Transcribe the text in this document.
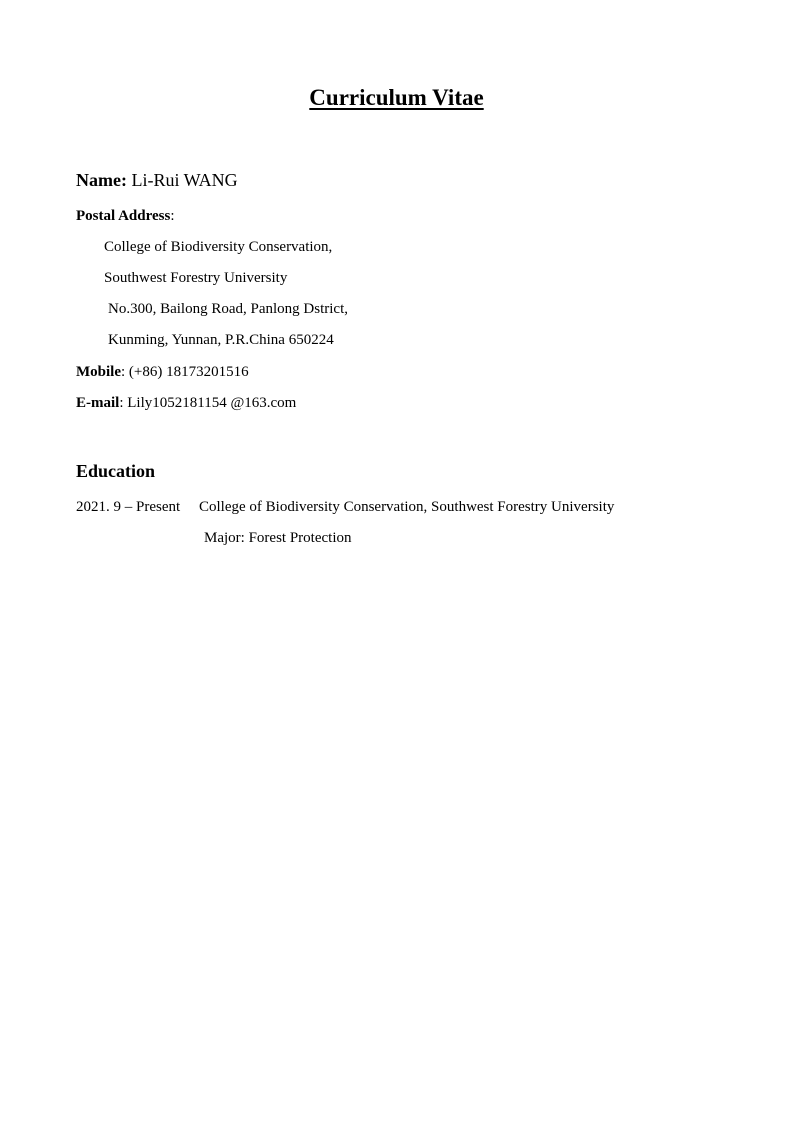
Curriculum Vitae
Name: Li-Rui WANG
Postal Address:
College of Biodiversity Conservation,
Southwest Forestry University
No.300, Bailong Road, Panlong Dstrict,
Kunming, Yunnan, P.R.China 650224
Mobile: (+86) 18173201516
E-mail: Lily1052181154 @163.com
Education
2021. 9 – Present College of Biodiversity Conservation, Southwest Forestry University
Major: Forest Protection
